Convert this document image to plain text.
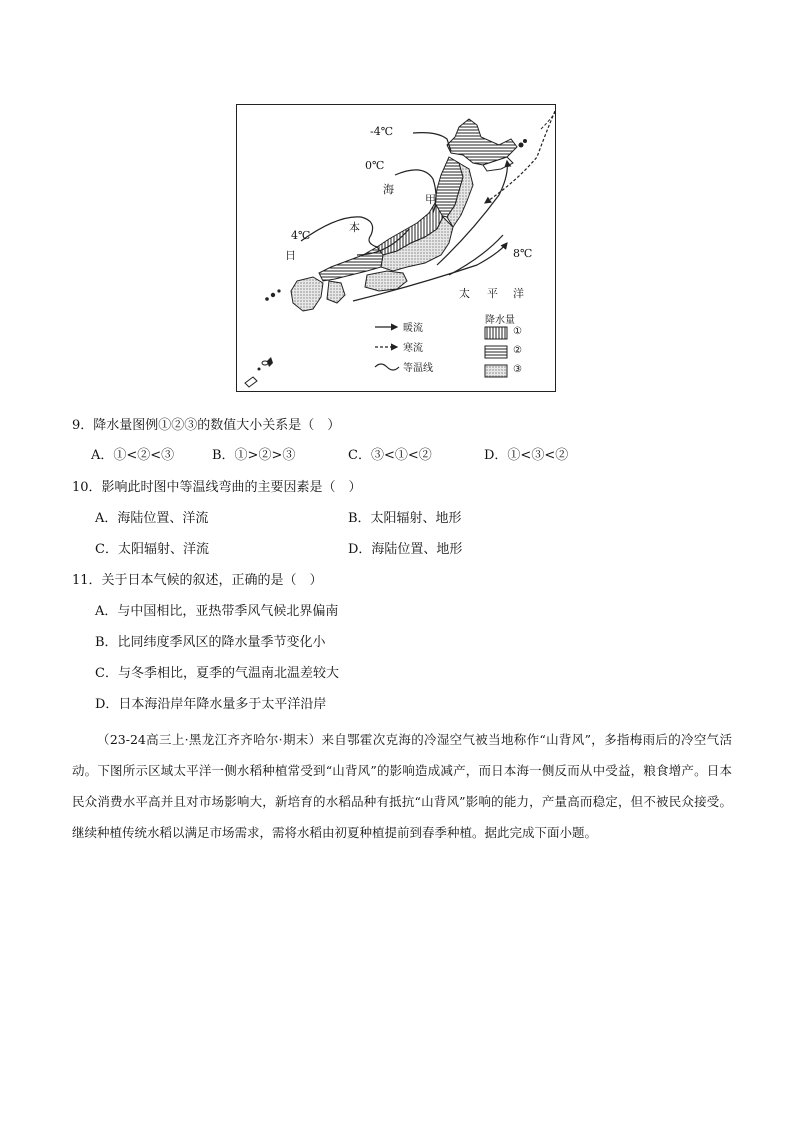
-4℃
0℃
海
甲
本
4℃
日	8℃
太 平 洋
暖流
寒流
等温线
降水量
①
②
③
9．降水量图例①②③的数值大小关系是（　）
A．①<②<③	B．①>②>③	C．③<①<②	D．①<③<②
10．影响此时图中等温线弯曲的主要因素是（　）
A．海陆位置、洋流	B．太阳辐射、地形
C．太阳辐射、洋流	D．海陆位置、地形
11．关于日本气候的叙述，正确的是（　）
A．与中国相比，亚热带季风气候北界偏南
B．比同纬度季风区的降水量季节变化小
C．与冬季相比，夏季的气温南北温差较大
D．日本海沿岸年降水量多于太平洋沿岸
（23-24高三上·黑龙江齐齐哈尔·期末）来自鄂霍次克海的冷湿空气被当地称作“山背风”，多指梅雨后的冷空气活动。下图所示区域太平洋一侧水稻种植常受到“山背风”的影响造成减产，而日本海一侧反而从中受益，粮食增产。日本民众消费水平高并且对市场影响大，新培育的水稻品种有抵抗“山背风”影响的能力，产量高而稳定，但不被民众接受。继续种植传统水稻以满足市场需求，需将水稻由初夏种植提前到春季种植。据此完成下面小题。
